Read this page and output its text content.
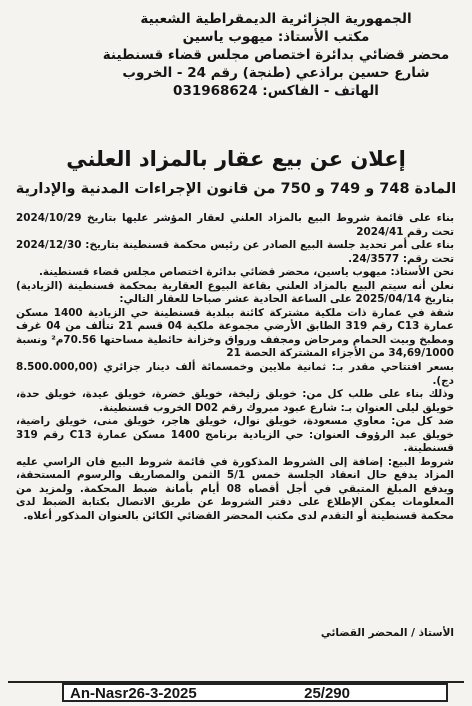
الجمهورية الجزائرية الديمقراطية الشعبية
مكتب الأستاذ: ميهوب ياسين
محضر قضائي بدائرة اختصاص مجلس قضاء قسنطينة
شارع حسين براذعي (طنجة) رقم 24 - الخروب
الهاتف - الفاكس: 031968624
إعلان عن بيع عقار بالمزاد العلني
المادة 748 و 749 و 750 من قانون الإجراءات المدنية والإدارية

بناء على قائمة شروط البيع بالمزاد العلني لعقار المؤشر عليها بتاريخ 2024/10/29 تحت رقم 2024/41

بناء على أمر تحديد جلسة البيع الصادر عن رئيس محكمة قسنطينة بتاريخ: 2024/12/30 تحت رقم: 24/3577.

نحن الأستاذ: ميهوب ياسين، محضر قضائي بدائرة اختصاص مجلس قضاء قسنطينة.

نعلن أنه سيتم البيع بالمزاد العلني بقاعة البيوع العقارية بمحكمة قسنطينة (الزيادية) بتاريخ 2025/04/14 على الساعة الحادية عشر صباحا للعقار التالي:

شقة في عمارة ذات ملكية مشتركة كائنة ببلدية قسنطينة حي الزيادية 1400 مسكن عمارة C13 رقم 319 الطابق الأرضي مجموعة ملكية 04 قسم 21 تتألف من 04 غرف ومطبخ وبيت الحمام ومرحاض ومجفف ورواق وخزانة حائطية مساحتها 70.56م² ونسبة 34,69/1000 من الأجزاء المشتركة الحصة 21

بسعر افتتاحي مقدر بـ: ثمانية ملايين وخمسمائة ألف دينار جزائري (8.500.000,00 دج).

وذلك بناء على طلب كل من: خويلق زليخة، خويلق خضرة، خويلق عيدة، خويلق حدة، خويلق ليلى العنوان بـ: شارع عبود مبروك رقم D02 الخروب قسنطينة.

ضد كل من: معاوي مسعودة، خويلق نوال، خويلق هاجر، خويلق منى، خويلق راضية، خويلق عبد الرؤوف العنوان: حي الزيادية برنامج 1400 مسكن عمارة C13 رقم 319 قسنطينة.

شروط البيع: إضافة إلى الشروط المذكورة في قائمة شروط البيع فان الراسي عليه المزاد يدفع حال انعقاد الجلسة خمس 5/1 الثمن والمصاريف والرسوم المستحقة، ويدفع المبلغ المتبقي في أجل أقصاه 08 أيام بأمانة ضبط المحكمة. ولمزيد من المعلومات يمكن الإطلاع على دفتر الشروط عن طريق الاتصال بكتابة الضبط لدى محكمة قسنطينة أو التقدم لدى مكتب المحضر القضائي الكائن بالعنوان المذكور أعلاه.

الأستاذ / المحضر القضائي
An-Nasr26-3-2025	25/290
